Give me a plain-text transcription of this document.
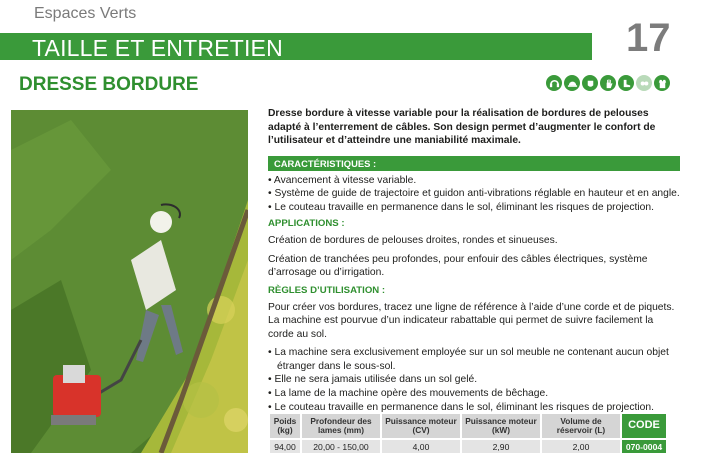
Espaces Verts
TAILLE ET ENTRETIEN	17
DRESSE BORDURE

Dresse bordure à vitesse variable pour la réalisation de bordures de pelouses adapté à l’enterrement de câbles. Son design permet d’augmenter le confort de l’utilisateur et d’atteindre une maniabilité maximale.

CARACTÉRISTIQUES :
• Avancement à vitesse variable.
• Système de guide de trajectoire et guidon anti-vibrations réglable en hauteur et en angle.
• Le couteau travaille en permanence dans le sol, éliminant les risques de projection.
APPLICATIONS :

Création de bordures de pelouses droites, rondes et sinueuses.

Création de tranchées peu profondes, pour enfouir des câbles électriques, système d’arrosage ou d’irrigation.

RÈGLES D’UTILISATION :

Pour créer vos bordures, tracez une ligne de référence à l’aide d’une corde et de piquets. La machine est pourvue d’un indicateur rabattable qui permet de suivre facilement la corde au sol.

• La machine sera exclusivement employée sur un sol meuble ne contenant aucun objet étranger dans le sous-sol.
• Elle ne sera jamais utilisée dans un sol gelé.
• La lame de la machine opère des mouvements de bêchage.
• Le couteau travaille en permanence dans le sol, éliminant les risques de projection.
Poids (kg)	Profondeur des lames (mm)	Puissance moteur (CV)	Puissance moteur (kW)	Volume de réservoir (L)	CODE
94,00	20,00 - 150,00	4,00	2,90	2,00	070-0004
